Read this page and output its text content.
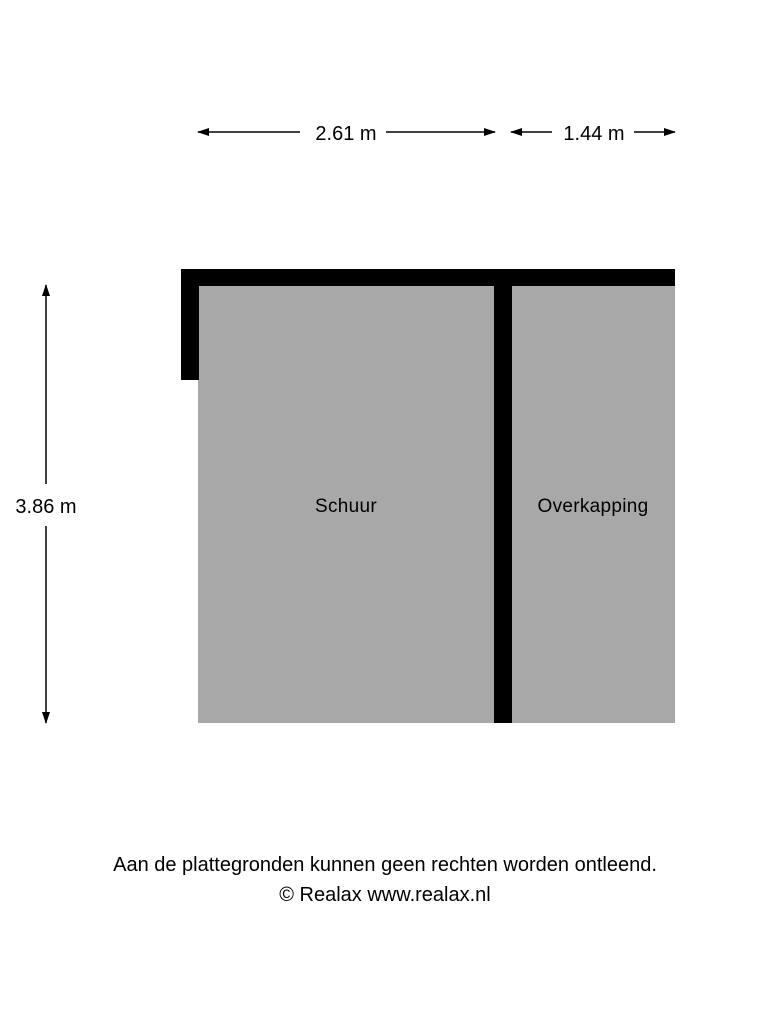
2.61 m	1.44 m
3.86 m	Schuur	Overkapping
Aan de plattegronden kunnen geen rechten worden ontleend.
© Realax www.realax.nl
